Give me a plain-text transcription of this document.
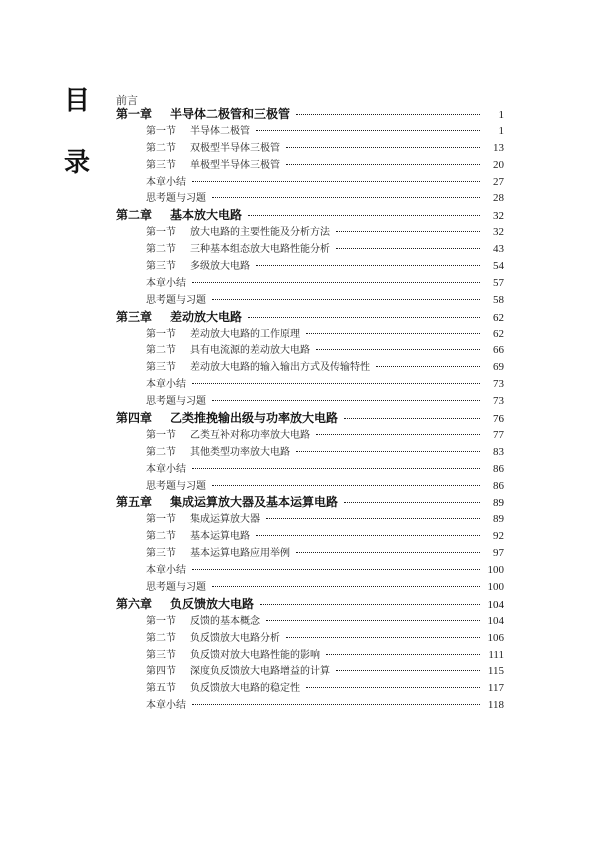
目
录
前言
第一章 半导体二极管和三极管	1
第一节 半导体二极管	1
第二节 双极型半导体三极管	13
第三节 单极型半导体三极管	20
本章小结	27
思考题与习题	28
第二章 基本放大电路	32
第一节 放大电路的主要性能及分析方法	32
第二节 三种基本组态放大电路性能分析	43
第三节 多级放大电路	54
本章小结	57
思考题与习题	58
第三章 差动放大电路	62
第一节 差动放大电路的工作原理	62
第二节 具有电流源的差动放大电路	66
第三节 差动放大电路的输入输出方式及传输特性	69
本章小结	73
思考题与习题	73
第四章 乙类推挽输出级与功率放大电路	76
第一节 乙类互补对称功率放大电路	77
第二节 其他类型功率放大电路	83
本章小结	86
思考题与习题	86
第五章 集成运算放大器及基本运算电路	89
第一节 集成运算放大器	89
第二节 基本运算电路	92
第三节 基本运算电路应用举例	97
本章小结	100
思考题与习题	100
第六章 负反馈放大电路	104
第一节 反馈的基本概念	104
第二节 负反馈放大电路分析	106
第三节 负反馈对放大电路性能的影响	111
第四节 深度负反馈放大电路增益的计算	115
第五节 负反馈放大电路的稳定性	117
本章小结	118
